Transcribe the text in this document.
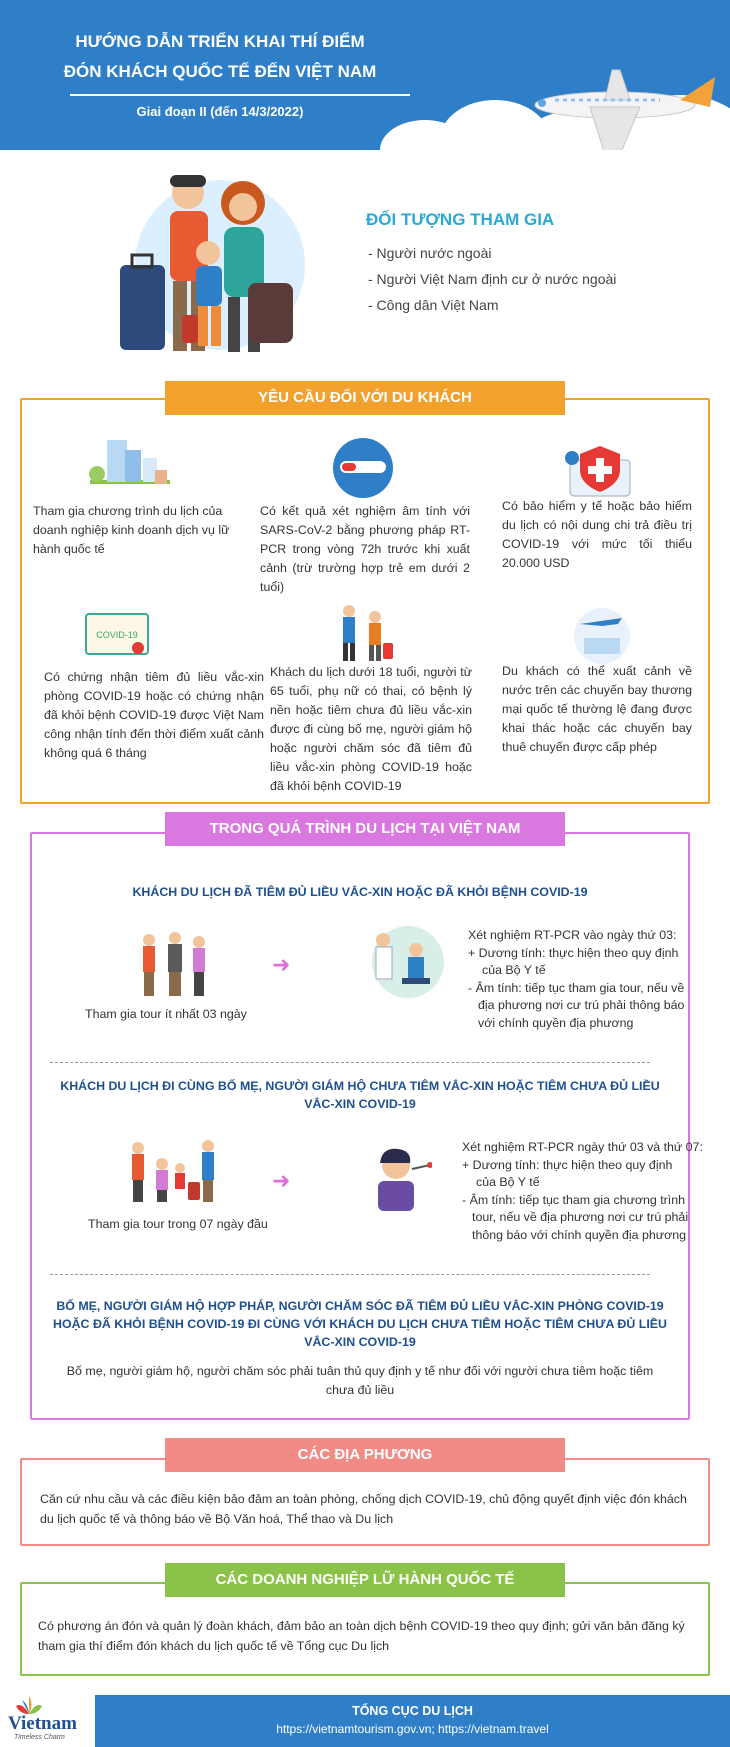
HƯỚNG DẪN TRIỂN KHAI THÍ ĐIỂM
ĐÓN KHÁCH QUỐC TẾ ĐẾN VIỆT NAM
Giai đoạn II (đến 14/3/2022)
ĐỐI TƯỢNG THAM GIA
- Người nước ngoài
- Người Việt Nam định cư ở nước ngoài
- Công dân Việt Nam
YÊU CẦU ĐỐI VỚI DU KHÁCH
Tham gia chương trình du lịch của doanh nghiệp kinh doanh dịch vụ lữ hành quốc tế
Có kết quả xét nghiệm âm tính với SARS-CoV-2 bằng phương pháp RT-PCR trong vòng 72h trước khi xuất cảnh (trừ trường hợp trẻ em dưới 2 tuổi)
Có bảo hiểm y tế hoặc bảo hiểm du lịch có nội dung chi trả điều trị COVID-19 với mức tối thiểu 20.000 USD
COVID-19
Có chứng nhận tiêm đủ liều vắc-xin phòng COVID-19 hoặc có chứng nhận đã khỏi bệnh COVID-19 được Việt Nam công nhận tính đến thời điểm xuất cảnh không quá 6 tháng
Khách du lịch dưới 18 tuổi, người từ 65 tuổi, phụ nữ có thai, có bệnh lý nền hoặc tiêm chưa đủ liều vắc-xin được đi cùng bố mẹ, người giám hộ hoặc người chăm sóc đã tiêm đủ liều vắc-xin phòng COVID-19 hoặc đã khỏi bệnh COVID-19
Du khách có thể xuất cảnh về nước trên các chuyến bay thương mại quốc tế thường lệ đang được khai thác hoặc các chuyến bay thuê chuyến được cấp phép
TRONG QUÁ TRÌNH DU LỊCH TẠI VIỆT NAM
KHÁCH DU LỊCH ĐÃ TIÊM ĐỦ LIỀU VẮC-XIN HOẶC ĐÃ KHỎI BỆNH COVID-19
Tham gia tour ít nhất 03 ngày
➜
Xét nghiệm RT-PCR vào ngày thứ 03:
+ Dương tính: thực hiện theo quy định
của Bộ Y tế
- Âm tính: tiếp tục tham gia tour, nếu về
địa phương nơi cư trú phải thông báo
với chính quyền địa phương
KHÁCH DU LỊCH ĐI CÙNG BỐ MẸ, NGƯỜI GIÁM HỘ CHƯA TIÊM VẮC-XIN HOẶC TIÊM CHƯA ĐỦ LIỀU
VẮC-XIN COVID-19
Tham gia tour trong 07 ngày đầu
➜
Xét nghiệm RT-PCR ngày thứ 03 và thứ 07:
+ Dương tính: thực hiện theo quy định
của Bộ Y tế
- Âm tính: tiếp tục tham gia chương trình
tour, nếu về địa phương nơi cư trú phải
thông báo với chính quyền địa phương
BỐ MẸ, NGƯỜI GIÁM HỘ HỢP PHÁP, NGƯỜI CHĂM SÓC ĐÃ TIÊM ĐỦ LIỀU VẮC-XIN PHÒNG COVID-19
HOẶC ĐÃ KHỎI BỆNH COVID-19 ĐI CÙNG VỚI KHÁCH DU LỊCH CHƯA TIÊM HOẶC TIÊM CHƯA ĐỦ LIỀU
VẮC-XIN COVID-19
Bố mẹ, người giám hộ, người chăm sóc phải tuân thủ quy định y tế như đối với người chưa tiêm hoặc tiêm
chưa đủ liều
CÁC ĐỊA PHƯƠNG
Căn cứ nhu cầu và các điều kiện bảo đảm an toàn phòng, chống dịch COVID-19, chủ động quyết định việc đón khách
du lịch quốc tế và thông báo về Bộ Văn hoá, Thể thao và Du lịch
CÁC DOANH NGHIỆP LỮ HÀNH QUỐC TẾ
Có phương án đón và quản lý đoàn khách, đảm bảo an toàn dịch bệnh COVID-19 theo quy định; gửi văn bản đăng ký
tham gia thí điểm đón khách du lịch quốc tế về Tổng cục Du lịch
Vietnam
Timeless Charm
TỔNG CỤC DU LỊCH
https://vietnamtourism.gov.vn; https://vietnam.travel
